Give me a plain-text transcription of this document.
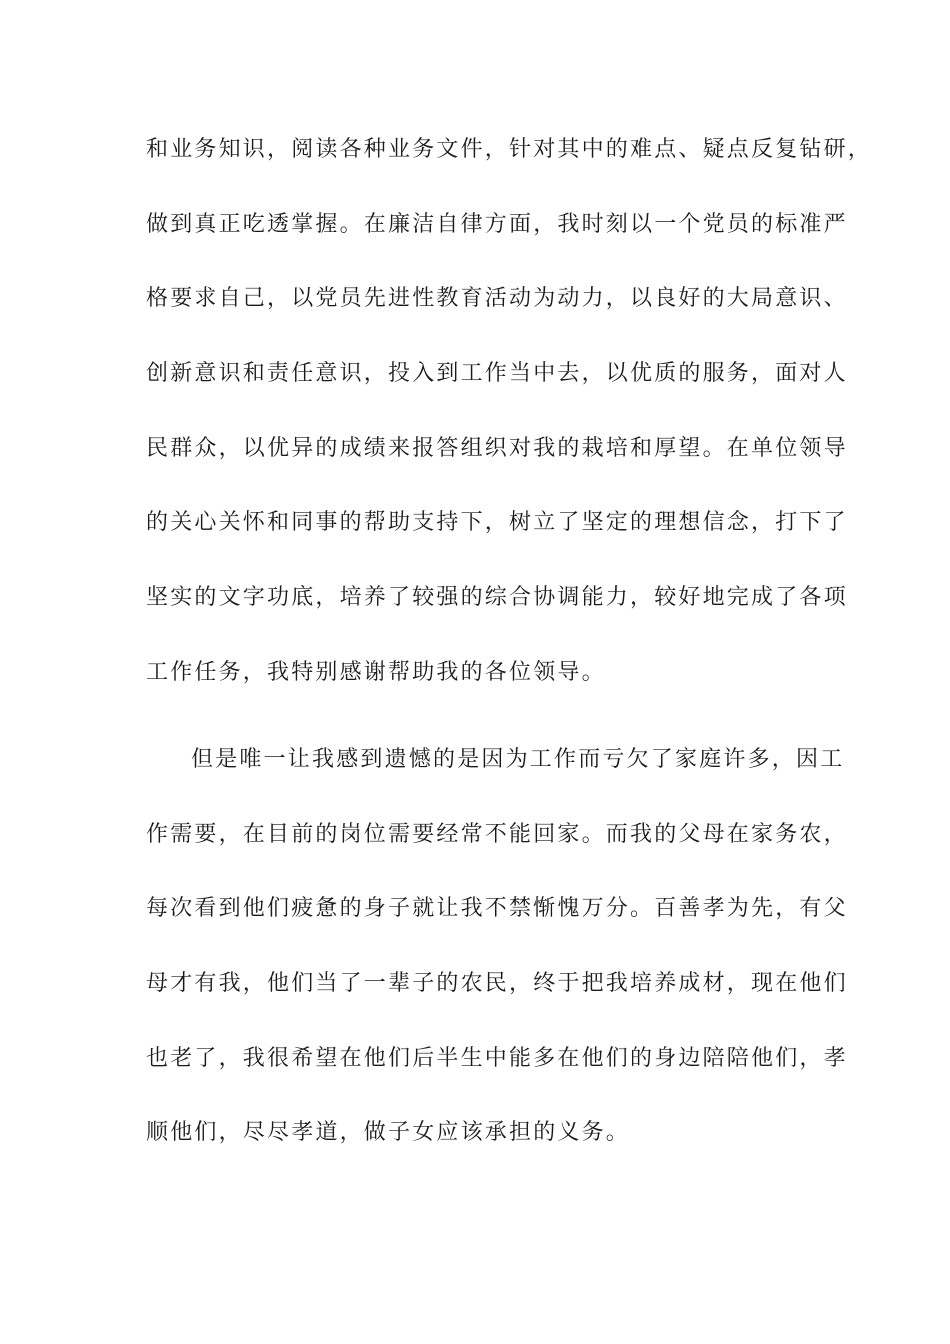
和业务知识，阅读各种业务文件，针对其中的难点、疑点反复钻研，
做到真正吃透掌握。在廉洁自律方面，我时刻以一个党员的标准严
格要求自己，以党员先进性教育活动为动力，以良好的大局意识、
创新意识和责任意识，投入到工作当中去，以优质的服务，面对人
民群众，以优异的成绩来报答组织对我的栽培和厚望。在单位领导
的关心关怀和同事的帮助支持下，树立了坚定的理想信念，打下了
坚实的文字功底，培养了较强的综合协调能力，较好地完成了各项
工作任务，我特别感谢帮助我的各位领导。
但是唯一让我感到遗憾的是因为工作而亏欠了家庭许多，因工
作需要，在目前的岗位需要经常不能回家。而我的父母在家务农，
每次看到他们疲惫的身子就让我不禁惭愧万分。百善孝为先，有父
母才有我，他们当了一辈子的农民，终于把我培养成材，现在他们
也老了，我很希望在他们后半生中能多在他们的身边陪陪他们，孝
顺他们，尽尽孝道，做子女应该承担的义务。
